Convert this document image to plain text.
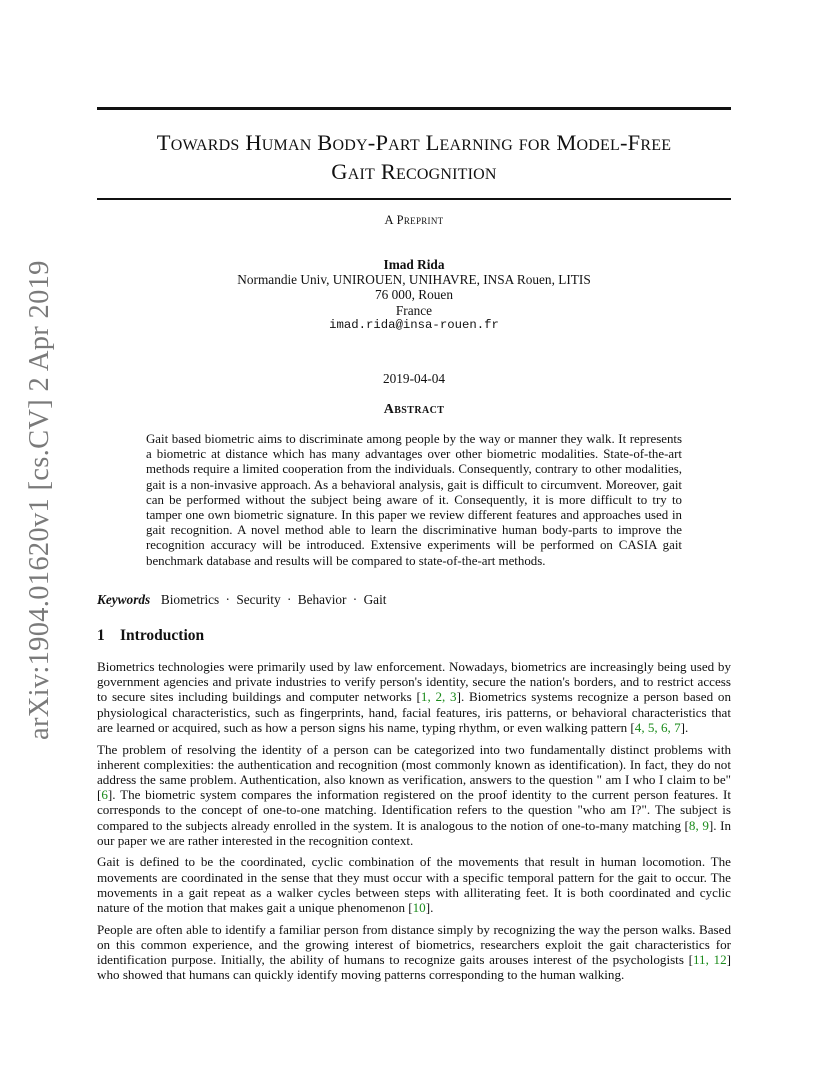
arXiv:1904.01620v1 [cs.CV] 2 Apr 2019
Towards Human Body-Part Learning for Model-Free
Gait Recognition
A Preprint
Imad Rida
Normandie Univ, UNIROUEN, UNIHAVRE, INSA Rouen, LITIS
76 000, Rouen
France
imad.rida@insa-rouen.fr
2019-04-04
Abstract

Gait based biometric aims to discriminate among people by the way or manner they walk. It represents a biometric at distance which has many advantages over other biometric modalities. State-of-the-art methods require a limited cooperation from the individuals. Consequently, contrary to other modalities, gait is a non-invasive approach. As a behavioral analysis, gait is difficult to circumvent. Moreover, gait can be performed without the subject being aware of it. Consequently, it is more difficult to try to tamper one own biometric signature. In this paper we review different features and approaches used in gait recognition. A novel method able to learn the discriminative human body-parts to improve the recognition accuracy will be introduced. Extensive experiments will be performed on CASIA gait benchmark database and results will be compared to state-of-the-art methods.

Keywords Biometrics · Security · Behavior · Gait
1 Introduction

Biometrics technologies were primarily used by law enforcement. Nowadays, biometrics are increasingly being used by government agencies and private industries to verify person's identity, secure the nation's borders, and to restrict access to secure sites including buildings and computer networks [1, 2, 3]. Biometrics systems recognize a person based on physiological characteristics, such as fingerprints, hand, facial features, iris patterns, or behavioral characteristics that are learned or acquired, such as how a person signs his name, typing rhythm, or even walking pattern [4, 5, 6, 7].

The problem of resolving the identity of a person can be categorized into two fundamentally distinct problems with inherent complexities: the authentication and recognition (most commonly known as identification). In fact, they do not address the same problem. Authentication, also known as verification, answers to the question " am I who I claim to be"[6]. The biometric system compares the information registered on the proof identity to the current person features. It corresponds to the concept of one-to-one matching. Identification refers to the question "who am I?". The subject is compared to the subjects already enrolled in the system. It is analogous to the notion of one-to-many matching [8, 9]. In our paper we are rather interested in the recognition context.

Gait is defined to be the coordinated, cyclic combination of the movements that result in human locomotion. The movements are coordinated in the sense that they must occur with a specific temporal pattern for the gait to occur. The movements in a gait repeat as a walker cycles between steps with alliterating feet. It is both coordinated and cyclic nature of the motion that makes gait a unique phenomenon [10].

People are often able to identify a familiar person from distance simply by recognizing the way the person walks. Based on this common experience, and the growing interest of biometrics, researchers exploit the gait characteristics for identification purpose. Initially, the ability of humans to recognize gaits arouses interest of the psychologists [11, 12] who showed that humans can quickly identify moving patterns corresponding to the human walking.
